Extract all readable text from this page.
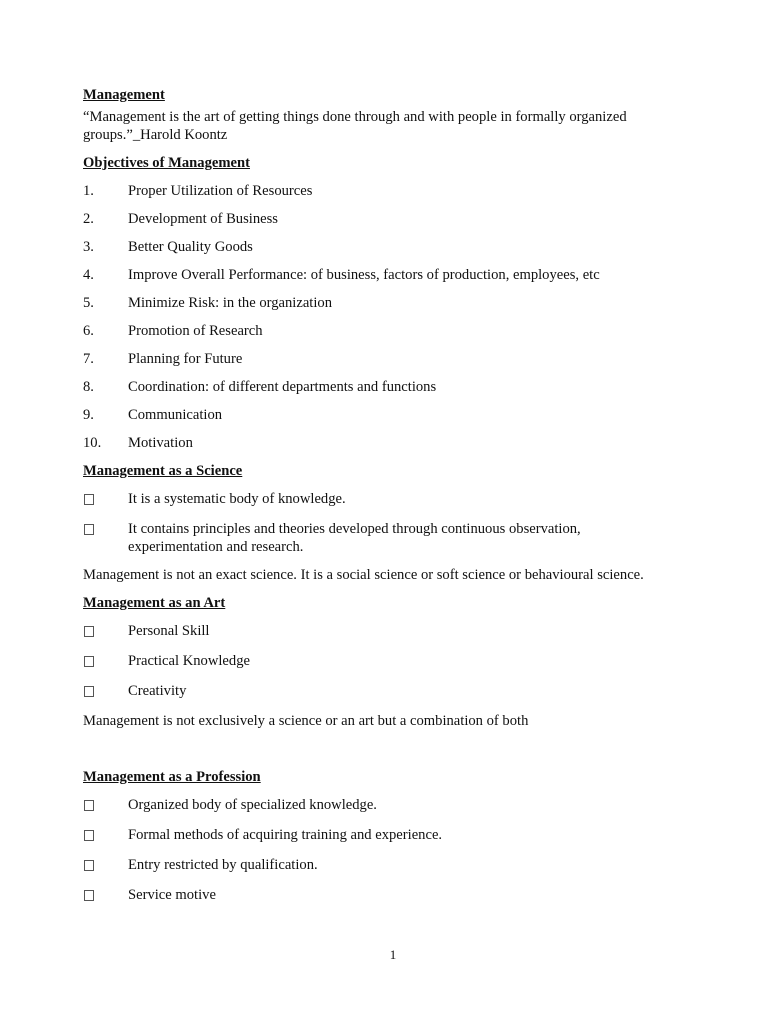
Management

“Management is the art of getting things done through and with people in formally organized

groups.”_Harold Koontz

Objectives of Management

1.	Proper Utilization of Resources
2.	Development of Business
3.	Better Quality Goods
4.	Improve Overall Performance: of business, factors of production, employees, etc
5.	Minimize Risk: in the organization
6.	Promotion of Research
7.	Planning for Future
8.	Coordination: of different departments and functions
9.	Communication
10.	Motivation

Management as a Science

It is a systematic body of knowledge.
It contains principles and theories developed through continuous observation,
experimentation and research.

Management is not an exact science. It is a social science or soft science or behavioural science.

Management as an Art

Personal Skill
Practical Knowledge
Creativity

Management is not exclusively a science or an art but a combination of both

Management as a Profession

Organized body of specialized knowledge.
Formal methods of acquiring training and experience.
Entry restricted by qualification.
Service motive
1
